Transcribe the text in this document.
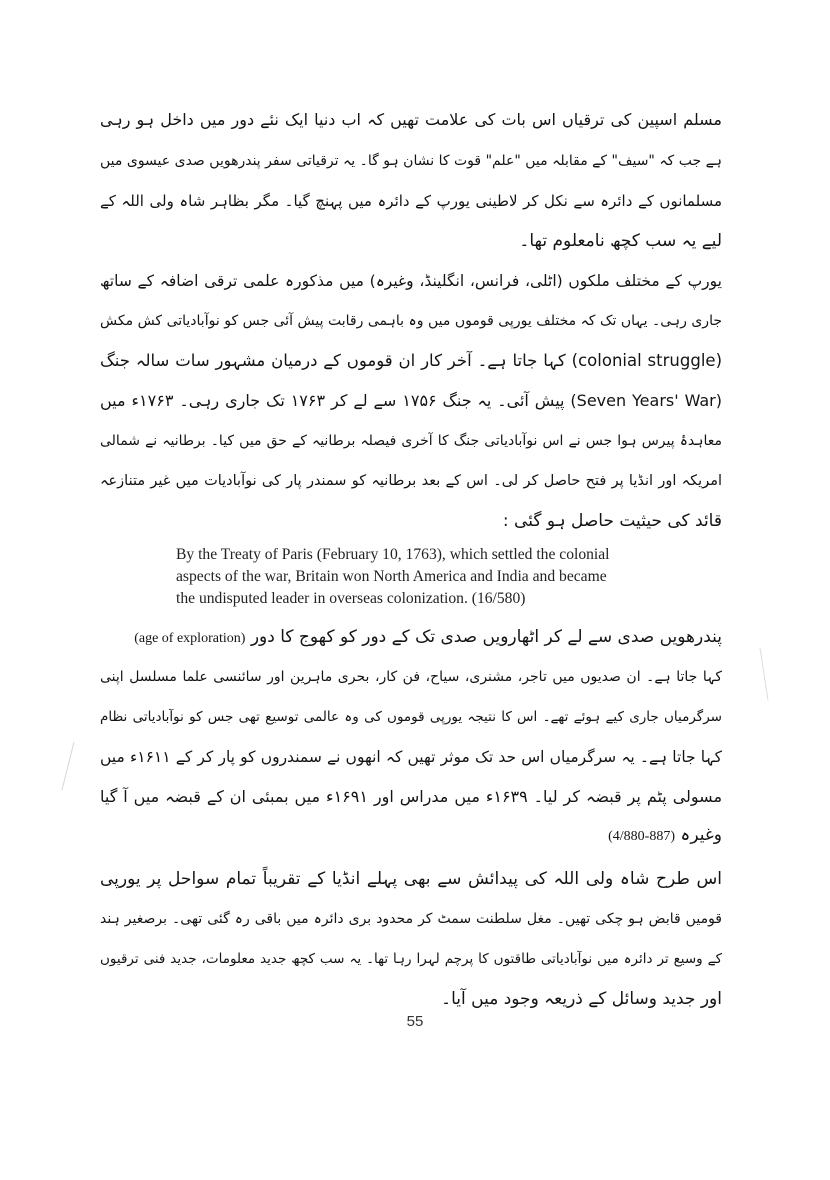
مسلم اسپین کی ترقیاں اس بات کی علامت تھیں کہ اب دنیا ایک نئے دور میں داخل ہو رہی
ہے جب کہ "سیف" کے مقابلہ میں "علم" قوت کا نشان ہو گا۔ یہ ترقیاتی سفر پندرھویں صدی عیسوی میں
مسلمانوں کے دائرہ سے نکل کر لاطینی یورپ کے دائرہ میں پہنچ گیا۔ مگر بظاہر شاہ ولی اللہ کے
لیے یہ سب کچھ نامعلوم تھا۔
یورپ کے مختلف ملکوں (اٹلی، فرانس، انگلینڈ، وغیرہ) میں مذکورہ علمی ترقی اضافہ کے ساتھ
جاری رہی۔ یہاں تک کہ مختلف یورپی قوموں میں وہ باہمی رقابت پیش آئی جس کو نوآبادیاتی کش مکش
(colonial struggle) کہا جاتا ہے۔ آخر کار ان قوموں کے درمیان مشہور سات سالہ جنگ
(Seven Years' War) پیش آئی۔ یہ جنگ ۱۷۵۶ سے لے کر ۱۷۶۳ تک جاری رہی۔ ۱۷۶۳ء میں
معاہدۂ پیرس ہوا جس نے اس نوآبادیاتی جنگ کا آخری فیصلہ برطانیہ کے حق میں کیا۔ برطانیہ نے شمالی
امریکہ اور انڈیا پر فتح حاصل کر لی۔ اس کے بعد برطانیہ کو سمندر پار کی نوآبادیات میں غیر متنازعہ
قائد کی حیثیت حاصل ہو گئی :
By the Treaty of Paris (February 10, 1763), which settled the colonial
aspects of the war, Britain won North America and India and became
the undisputed leader in overseas colonization. (16/580)
پندرھویں صدی سے لے کر اٹھارویں صدی تک کے دور کو کھوج کا دور (age of exploration)
کہا جاتا ہے۔ ان صدیوں میں تاجر، مشنری، سیاح، فن کار، بحری ماہرین اور سائنسی علما مسلسل اپنی
سرگرمیاں جاری کیے ہوئے تھے۔ اس کا نتیجہ یورپی قوموں کی وہ عالمی توسیع تھی جس کو نوآبادیاتی نظام
کہا جاتا ہے۔ یہ سرگرمیاں اس حد تک موثر تھیں کہ انھوں نے سمندروں کو پار کر کے ۱۶۱۱ء میں
مسولی پٹم پر قبضہ کر لیا۔ ۱۶۳۹ء میں مدراس اور ۱۶۹۱ء میں بمبئی ان کے قبضہ میں آ گیا
وغیرہ (4/880-887)
اس طرح شاہ ولی اللہ کی پیدائش سے بھی پہلے انڈیا کے تقریباً تمام سواحل پر یورپی
قومیں قابض ہو چکی تھیں۔ مغل سلطنت سمٹ کر محدود بری دائرہ میں باقی رہ گئی تھی۔ برصغیر ہند
کے وسیع تر دائرہ میں نوآبادیاتی طاقتوں کا پرچم لہرا رہا تھا۔ یہ سب کچھ جدید معلومات، جدید فنی ترقیوں
اور جدید وسائل کے ذریعہ وجود میں آیا۔
55
